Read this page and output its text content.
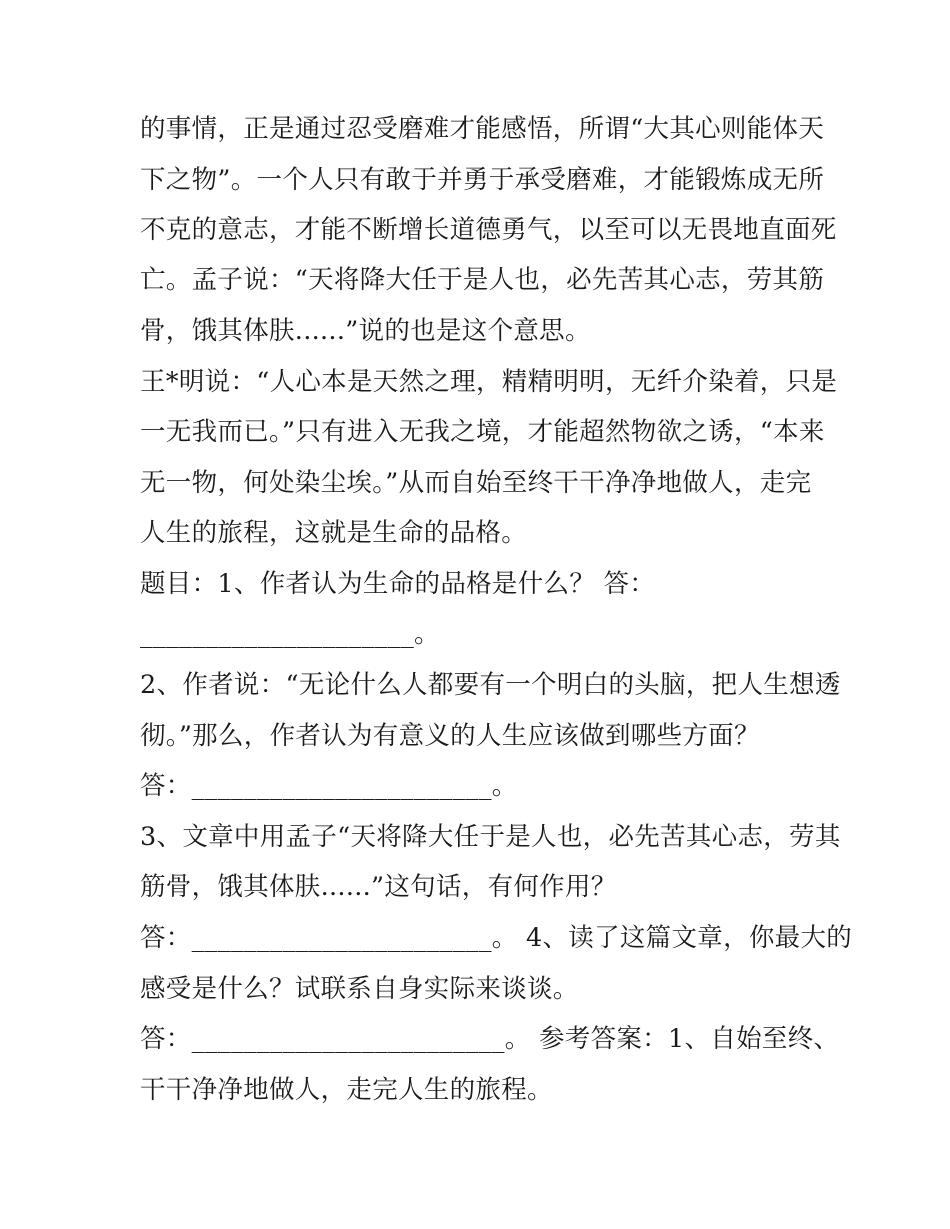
的事情，正是通过忍受磨难才能感悟，所谓“大其心则能体天
下之物”。一个人只有敢于并勇于承受磨难，才能锻炼成无所
不克的意志，才能不断增长道德勇气，以至可以无畏地直面死
亡。孟子说：“天将降大任于是人也，必先苦其心志，劳其筋
骨，饿其体肤......”说的也是这个意思。
王*明说：“人心本是天然之理，精精明明，无纤介染着，只是
一无我而已。”只有进入无我之境，才能超然物欲之诱，“本来
无一物，何处染尘埃。”从而自始至终干干净净地做人，走完
人生的旅程，这就是生命的品格。
题目：1、作者认为生命的品格是什么？ 答：
_____________________。
2、作者说：“无论什么人都要有一个明白的头脑，把人生想透
彻。”那么，作者认为有意义的人生应该做到哪些方面？
答：_______________________。
3、文章中用孟子“天将降大任于是人也，必先苦其心志，劳其
筋骨，饿其体肤......”这句话，有何作用？
答：_______________________。 4、读了这篇文章，你最大的
感受是什么？试联系自身实际来谈谈。
答：________________________。 参考答案：1、自始至终、
干干净净地做人，走完人生的旅程。
